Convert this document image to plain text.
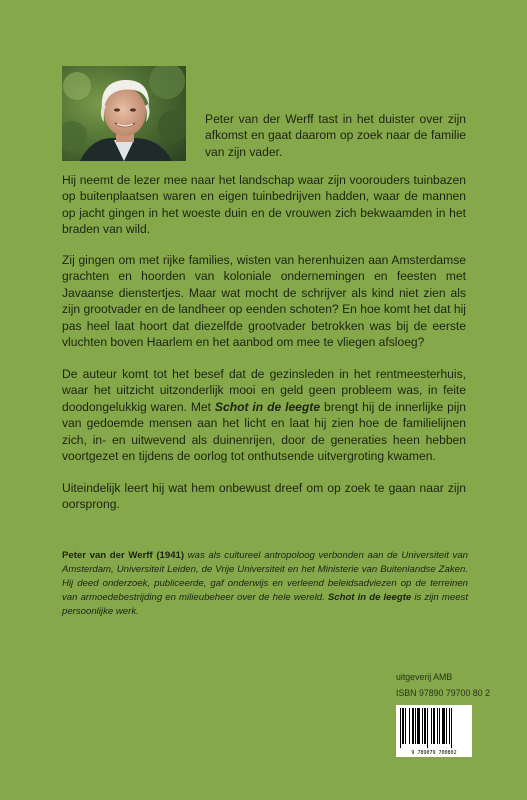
Peter van der Werff tast in het duister over zijn afkomst en gaat daarom op zoek naar de familie van zijn vader.

Hij neemt de lezer mee naar het landschap waar zijn voorouders tuinbazen op buitenplaatsen waren en eigen tuinbedrijven hadden, waar de mannen op jacht gingen in het woeste duin en de vrouwen zich bekwaamden in het braden van wild.

Zij gingen om met rijke families, wisten van herenhuizen aan Amsterdamse grachten en hoorden van koloniale ondernemingen en feesten met Javaanse dienstertjes. Maar wat mocht de schrijver als kind niet zien als zijn grootvader en de landheer op eenden schoten? En hoe komt het dat hij pas heel laat hoort dat diezelfde grootvader betrokken was bij de eerste vluchten boven Haarlem en het aanbod om mee te vliegen afsloeg?

De auteur komt tot het besef dat de gezinsleden in het rentmeesterhuis, waar het uitzicht uitzonderlijk mooi en geld geen probleem was, in feite doodongelukkig waren. Met Schot in de leegte brengt hij de innerlijke pijn van gedoemde mensen aan het licht en laat hij zien hoe de familielijnen zich, in- en uitwevend als duinenrijen, door de generaties heen hebben voortgezet en tijdens de oorlog tot onthutsende uitvergroting kwamen.

Uiteindelijk leert hij wat hem onbewust dreef om op zoek te gaan naar zijn oorsprong.

Peter van der Werff (1941) was als cultureel antropoloog verbonden aan de Universiteit van Amsterdam, Universiteit Leiden, de Vrije Universiteit en het Ministerie van Buitenlandse Zaken. Hij deed onderzoek, publiceerde, gaf onderwijs en verleend beleidsadviezen op de terreinen van armoedebestrijding en milieubeheer over de hele wereld. Schot in de leegte is zijn meest persoonlijke werk.

uitgeverij AMB
ISBN 97890 79700 80 2
9 789079 700802
